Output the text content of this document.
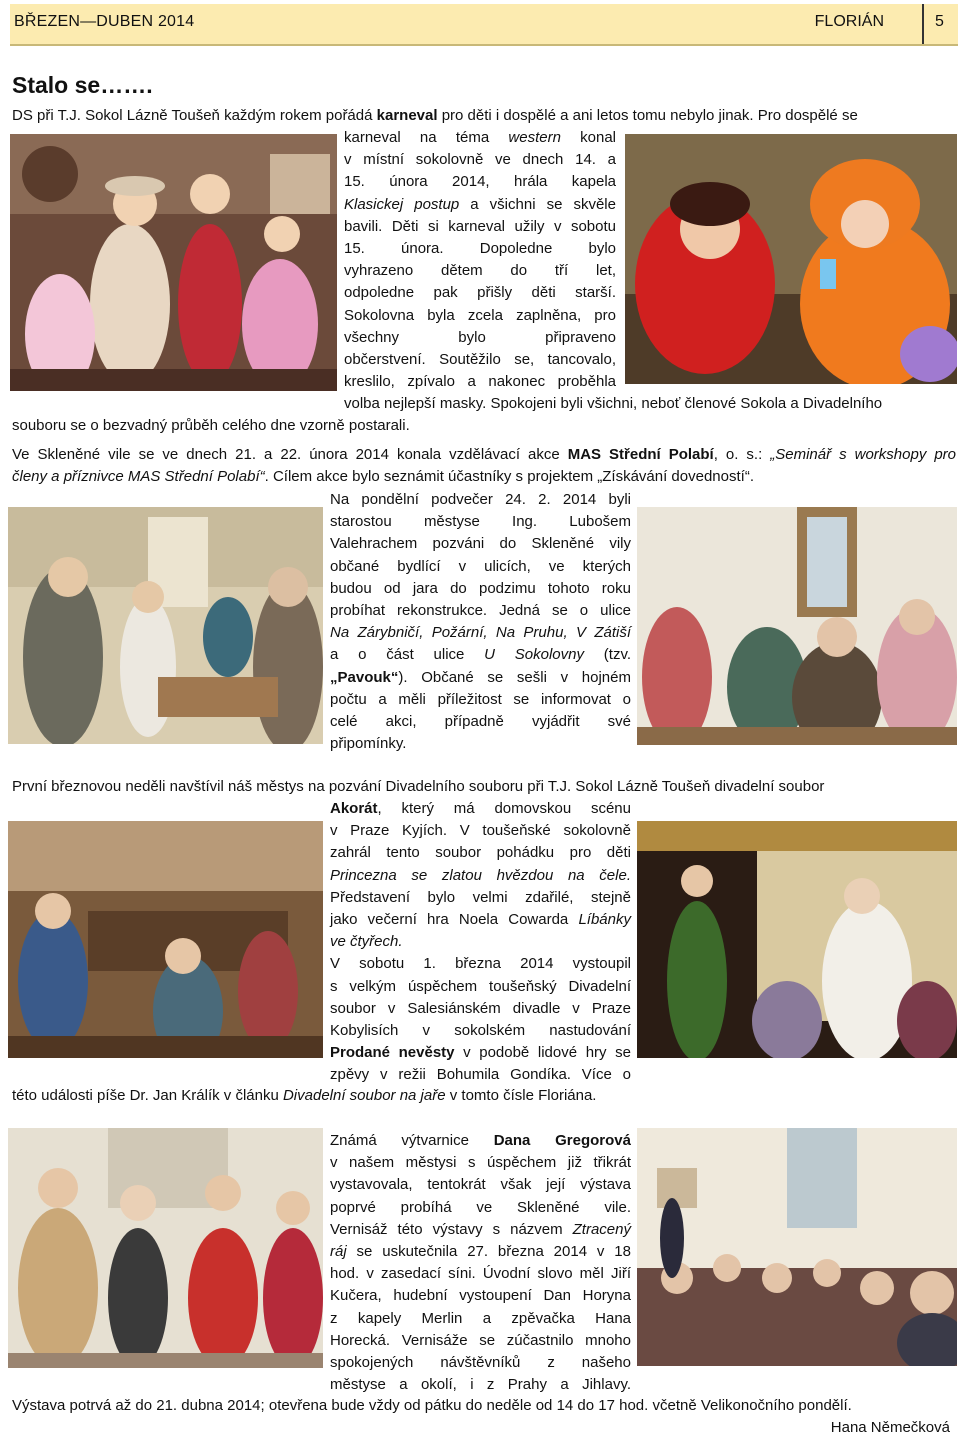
BŘEZEN—DUBEN 2014	FLORIÁN	5
Stalo se…….
DS při T.J. Sokol Lázně Toušeň každým rokem pořádá karneval pro děti i dospělé a ani letos tomu nebylo jinak. Pro dospělé se
karneval na téma western konal
v místní sokolovně ve dnech 14. a
15. února 2014, hrála kapela
Klasickej postup a všichni se skvěle
bavili. Děti si karneval užily v sobotu
15. února. Dopoledne bylo
vyhrazeno dětem do tří let,
odpoledne pak přišly děti starší.
Sokolovna byla zcela zaplněna, pro
všechny bylo připraveno
občerstvení. Soutěžilo se, tancovalo,
kreslilo, zpívalo a nakonec proběhla
volba nejlepší masky. Spokojeni byli všichni, neboť členové Sokola a Divadelního
souboru se o bezvadný průběh celého dne vzorně postarali.
Ve Skleněné vile se ve dnech 21. a 22. února 2014 konala vzdělávací akce MAS Střední Polabí, o. s.: „Seminář s workshopy pro
členy a příznivce MAS Střední Polabí“. Cílem akce bylo seznámit účastníky s projektem „Získávání dovedností“.
Na pondělní podvečer 24. 2. 2014 byli
starostou městyse Ing. Lubošem
Valehrachem pozváni do Skleněné vily
občané bydlící v ulicích, ve kterých
budou od jara do podzimu tohoto roku
probíhat rekonstrukce. Jedná se o ulice
Na Zárybničí, Požární, Na Pruhu, V Zátiší
a o část ulice U Sokolovny (tzv.
„Pavouk“). Občané se sešli v hojném
počtu a měli příležitost se informovat o
celé akci, případně vyjádřit své
připomínky.
První březnovou neděli navštívil náš městys na pozvání Divadelního souboru při T.J. Sokol Lázně Toušeň divadelní soubor
Akorát, který má domovskou scénu
v Praze Kyjích. V toušeňské sokolovně
zahrál tento soubor pohádku pro děti
Princezna se zlatou hvězdou na čele.
Představení bylo velmi zdařilé, stejně
jako večerní hra Noela Cowarda Líbánky
ve čtyřech.
V sobotu 1. března 2014 vystoupil
s velkým úspěchem toušeňský Divadelní
soubor v Salesiánském divadle v Praze
Kobylisích v sokolském nastudování
Prodané nevěsty v podobě lidové hry se
zpěvy v režii Bohumila Gondíka. Více o
této události píše Dr. Jan Králík v článku Divadelní soubor na jaře v tomto čísle Floriána.
Známá výtvarnice Dana Gregorová
v našem městysi s úspěchem již třikrát
vystavovala, tentokrát však její výstava
poprvé probíhá ve Skleněné vile.
Vernisáž této výstavy s názvem Ztracený
ráj se uskutečnila 27. března 2014 v 18
hod. v zasedací síni. Úvodní slovo měl Jiří
Kučera, hudební vystoupení Dan Horyna
z kapely Merlin a zpěvačka Hana
Horecká. Vernisáže se zúčastnilo mnoho
spokojených návštěvníků z našeho
městyse a okolí, i z Prahy a Jihlavy.
Výstava potrvá až do 21. dubna 2014; otevřena bude vždy od pátku do neděle od 14 do 17 hod. včetně Velikonočního pondělí.
Hana Němečková
